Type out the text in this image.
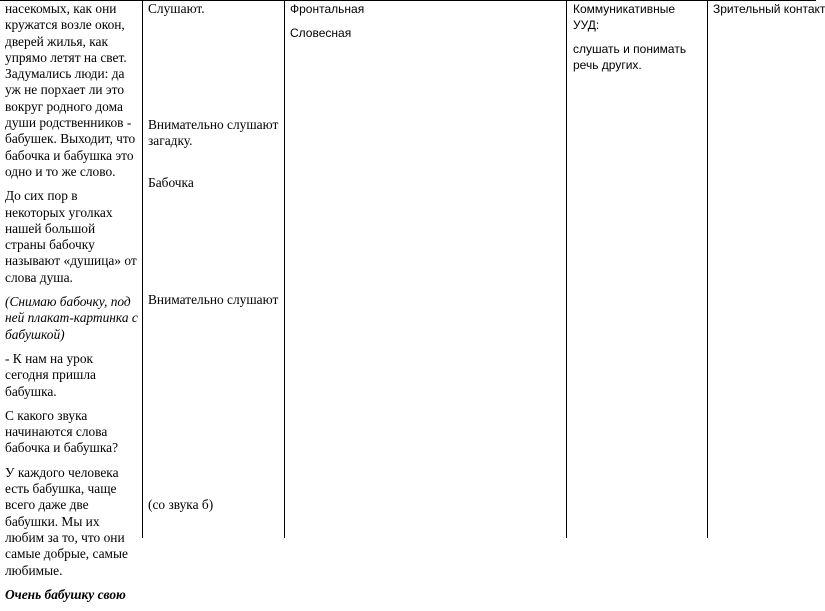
насекомых, как они кружатся возле окон, дверей жилья, как упрямо летят на свет. Задумались люди: да уж не порхает ли это вокруг родного дома души родственников - бабушек. Выходит, что бабочка и бабушка это одно и то же слово.

До сих пор в некоторых уголках нашей большой страны бабочку называют «душица» от слова душа.

(Снимаю бабочку, под ней плакат-картинка с бабушкой)

- К нам на урок сегодня пришла бабушка.

С какого звука начинаются слова бабочка и бабушка?

У каждого человека есть бабушка, чаще всего даже две бабушки. Мы их любим за то, что они самые добрые, самые любимые.

Очень бабушку свою

Слушают.
Внимательно слушают загадку.
Бабочка
Внимательно слушают
(со звука б)
Фронтальная
Словесная

Коммуникативные УУД:

слушать и понимать речь других.

Зрительный контакт
